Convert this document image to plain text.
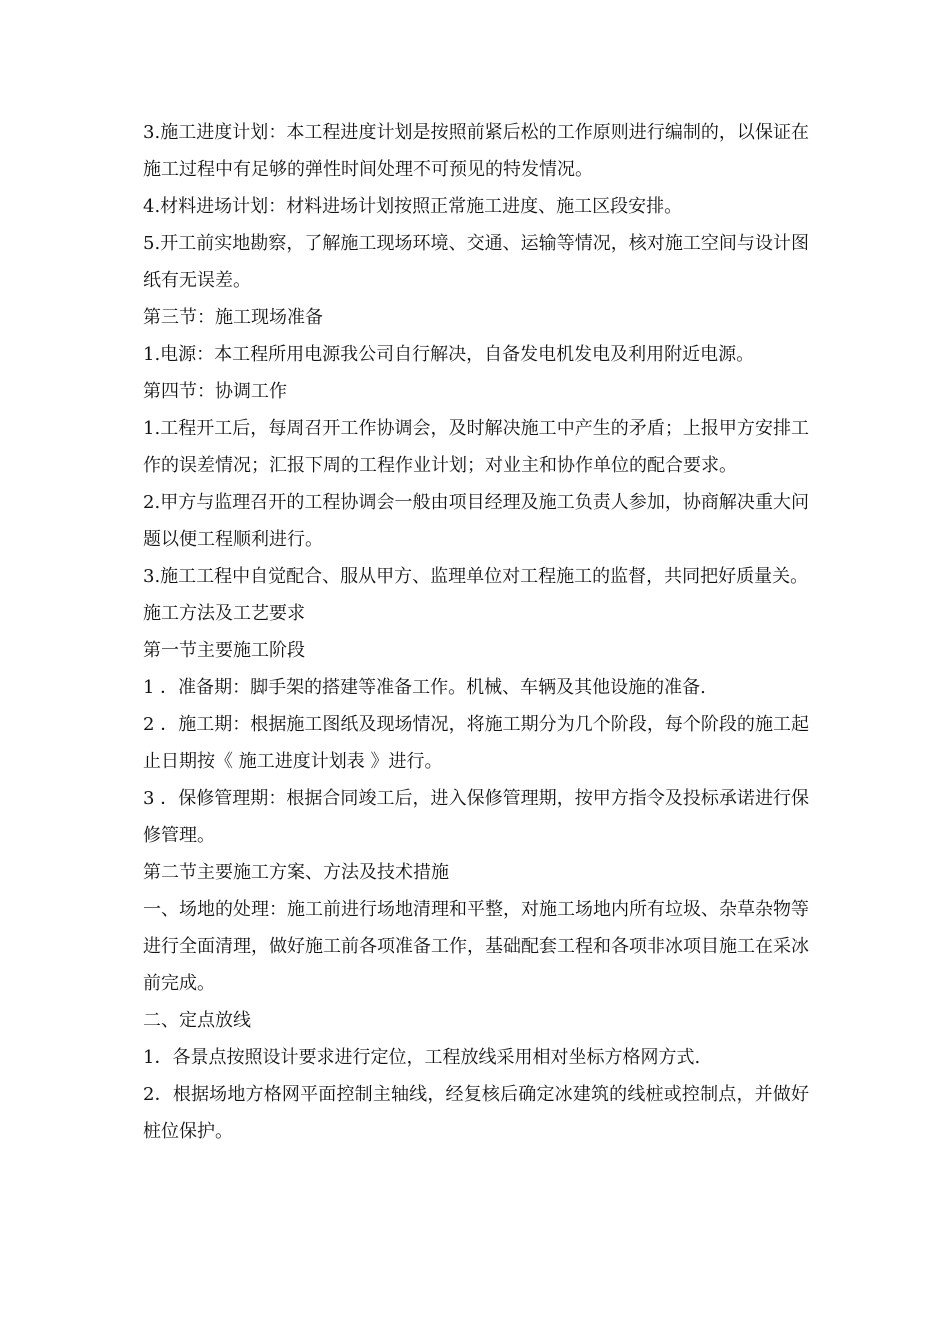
3.施工进度计划：本工程进度计划是按照前紧后松的工作原则进行编制的，以保证在施工过程中有足够的弹性时间处理不可预见的特发情况。

4.材料进场计划：材料进场计划按照正常施工进度、施工区段安排。

5.开工前实地勘察，了解施工现场环境、交通、运输等情况，核对施工空间与设计图纸有无误差。

第三节：施工现场准备

1.电源：本工程所用电源我公司自行解决，自备发电机发电及利用附近电源。

第四节：协调工作

1.工程开工后，每周召开工作协调会，及时解决施工中产生的矛盾；上报甲方安排工作的误差情况；汇报下周的工程作业计划；对业主和协作单位的配合要求。

2.甲方与监理召开的工程协调会一般由项目经理及施工负责人参加，协商解决重大问题以便工程顺利进行。

3.施工工程中自觉配合、服从甲方、监理单位对工程施工的监督，共同把好质量关。

施工方法及工艺要求

第一节主要施工阶段

1 ．准备期：脚手架的搭建等准备工作。机械、车辆及其他设施的准备.

2 ．施工期：根据施工图纸及现场情况，将施工期分为几个阶段，每个阶段的施工起止日期按《 施工进度计划表 》进行。

3 ．保修管理期：根据合同竣工后，进入保修管理期，按甲方指令及投标承诺进行保修管理。

第二节主要施工方案、方法及技术措施

一、场地的处理：施工前进行场地清理和平整，对施工场地内所有垃圾、杂草杂物等进行全面清理，做好施工前各项准备工作，基础配套工程和各项非冰项目施工在采冰前完成。

二、定点放线

1．各景点按照设计要求进行定位，工程放线采用相对坐标方格网方式.

2．根据场地方格网平面控制主轴线，经复核后确定冰建筑的线桩或控制点，并做好桩位保护。
